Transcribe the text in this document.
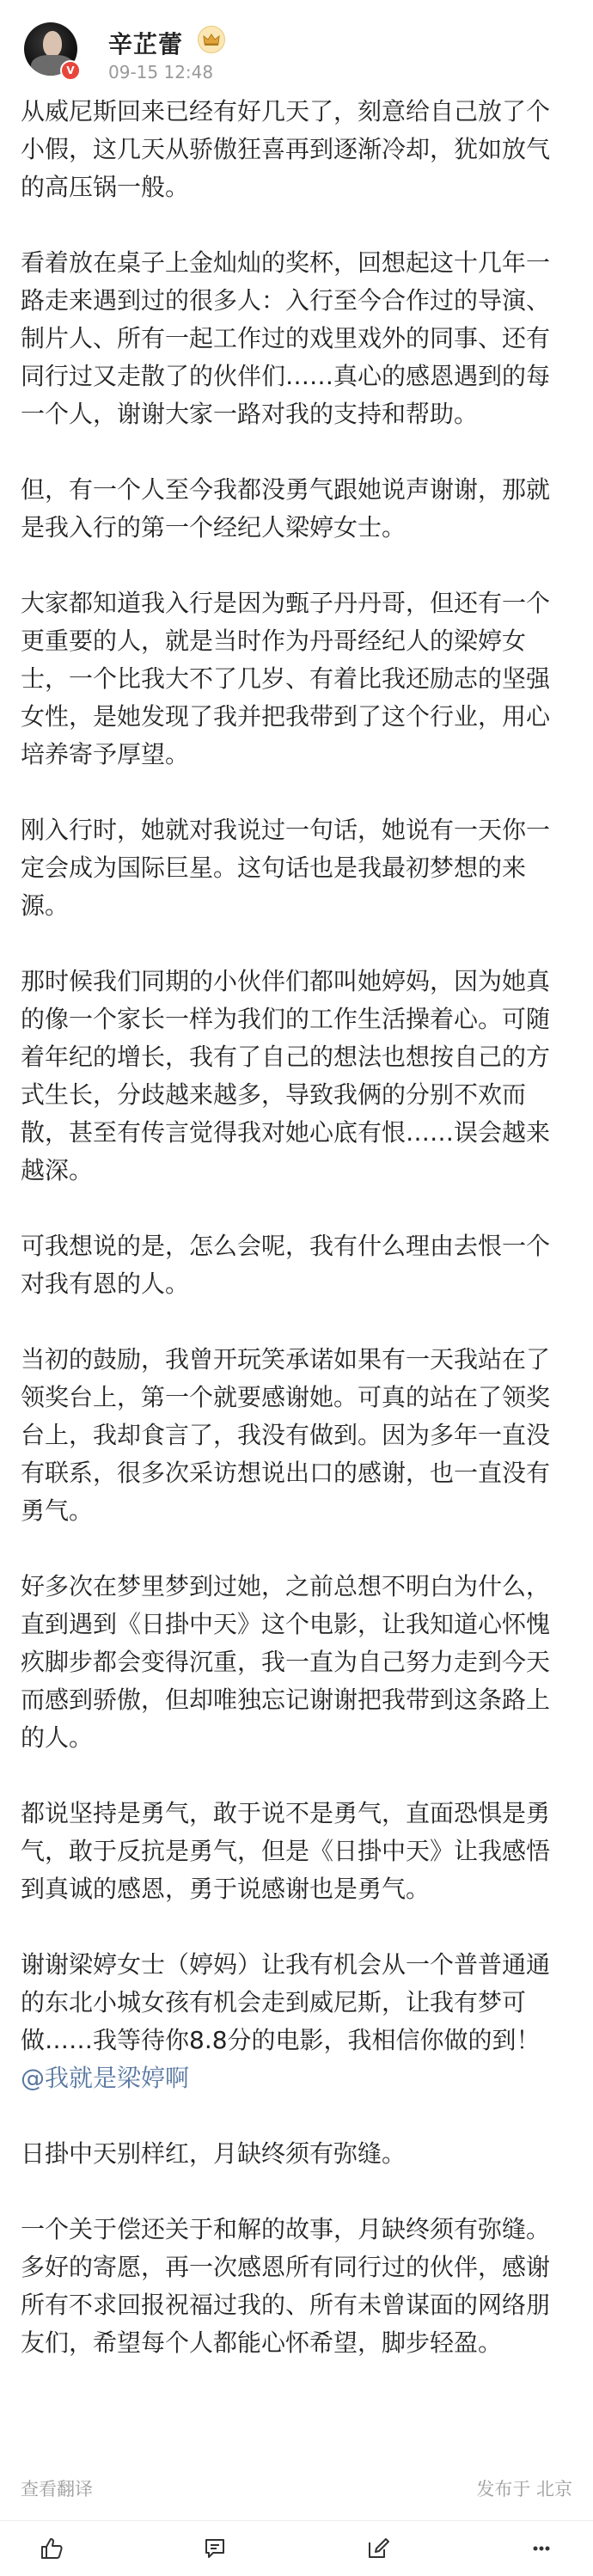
V
辛芷蕾
09-15 12:48

从威尼斯回来已经有好几天了，刻意给自己放了个小假，这几天从骄傲狂喜再到逐渐冷却，犹如放气的高压锅一般。

看着放在桌子上金灿灿的奖杯，回想起这十几年一路走来遇到过的很多人：入行至今合作过的导演、制片人、所有一起工作过的戏里戏外的同事、还有同行过又走散了的伙伴们……真心的感恩遇到的每一个人，谢谢大家一路对我的支持和帮助。

但，有一个人至今我都没勇气跟她说声谢谢，那就是我入行的第一个经纪人梁婷女士。

大家都知道我入行是因为甄子丹丹哥，但还有一个更重要的人，就是当时作为丹哥经纪人的梁婷女士，一个比我大不了几岁、有着比我还励志的坚强女性，是她发现了我并把我带到了这个行业，用心培养寄予厚望。

刚入行时，她就对我说过一句话，她说有一天你一定会成为国际巨星。这句话也是我最初梦想的来源。

那时候我们同期的小伙伴们都叫她婷妈，因为她真的像一个家长一样为我们的工作生活操着心。可随着年纪的增长，我有了自己的想法也想按自己的方式生长，分歧越来越多，导致我俩的分别不欢而散，甚至有传言觉得我对她心底有恨……误会越来越深。

可我想说的是，怎么会呢，我有什么理由去恨一个对我有恩的人。

当初的鼓励，我曾开玩笑承诺如果有一天我站在了领奖台上，第一个就要感谢她。可真的站在了领奖台上，我却食言了，我没有做到。因为多年一直没有联系，很多次采访想说出口的感谢，也一直没有勇气。

好多次在梦里梦到过她，之前总想不明白为什么，直到遇到《日掛中天》这个电影，让我知道心怀愧疚脚步都会变得沉重，我一直为自己努力走到今天而感到骄傲，但却唯独忘记谢谢把我带到这条路上的人。

都说坚持是勇气，敢于说不是勇气，直面恐惧是勇气，敢于反抗是勇气，但是《日掛中天》让我感悟到真诚的感恩，勇于说感谢也是勇气。

谢谢梁婷女士（婷妈）让我有机会从一个普普通通的东北小城女孩有机会走到威尼斯，让我有梦可做……我等待你8.8分的电影，我相信你做的到！

@我就是梁婷啊

日掛中天别样红，月缺终须有弥缝。

一个关于偿还关于和解的故事，月缺终须有弥缝。多好的寄愿，再一次感恩所有同行过的伙伴，感谢所有不求回报祝福过我的、所有未曾谋面的网络朋友们，希望每个人都能心怀希望，脚步轻盈。

查看翻译	发布于 北京
